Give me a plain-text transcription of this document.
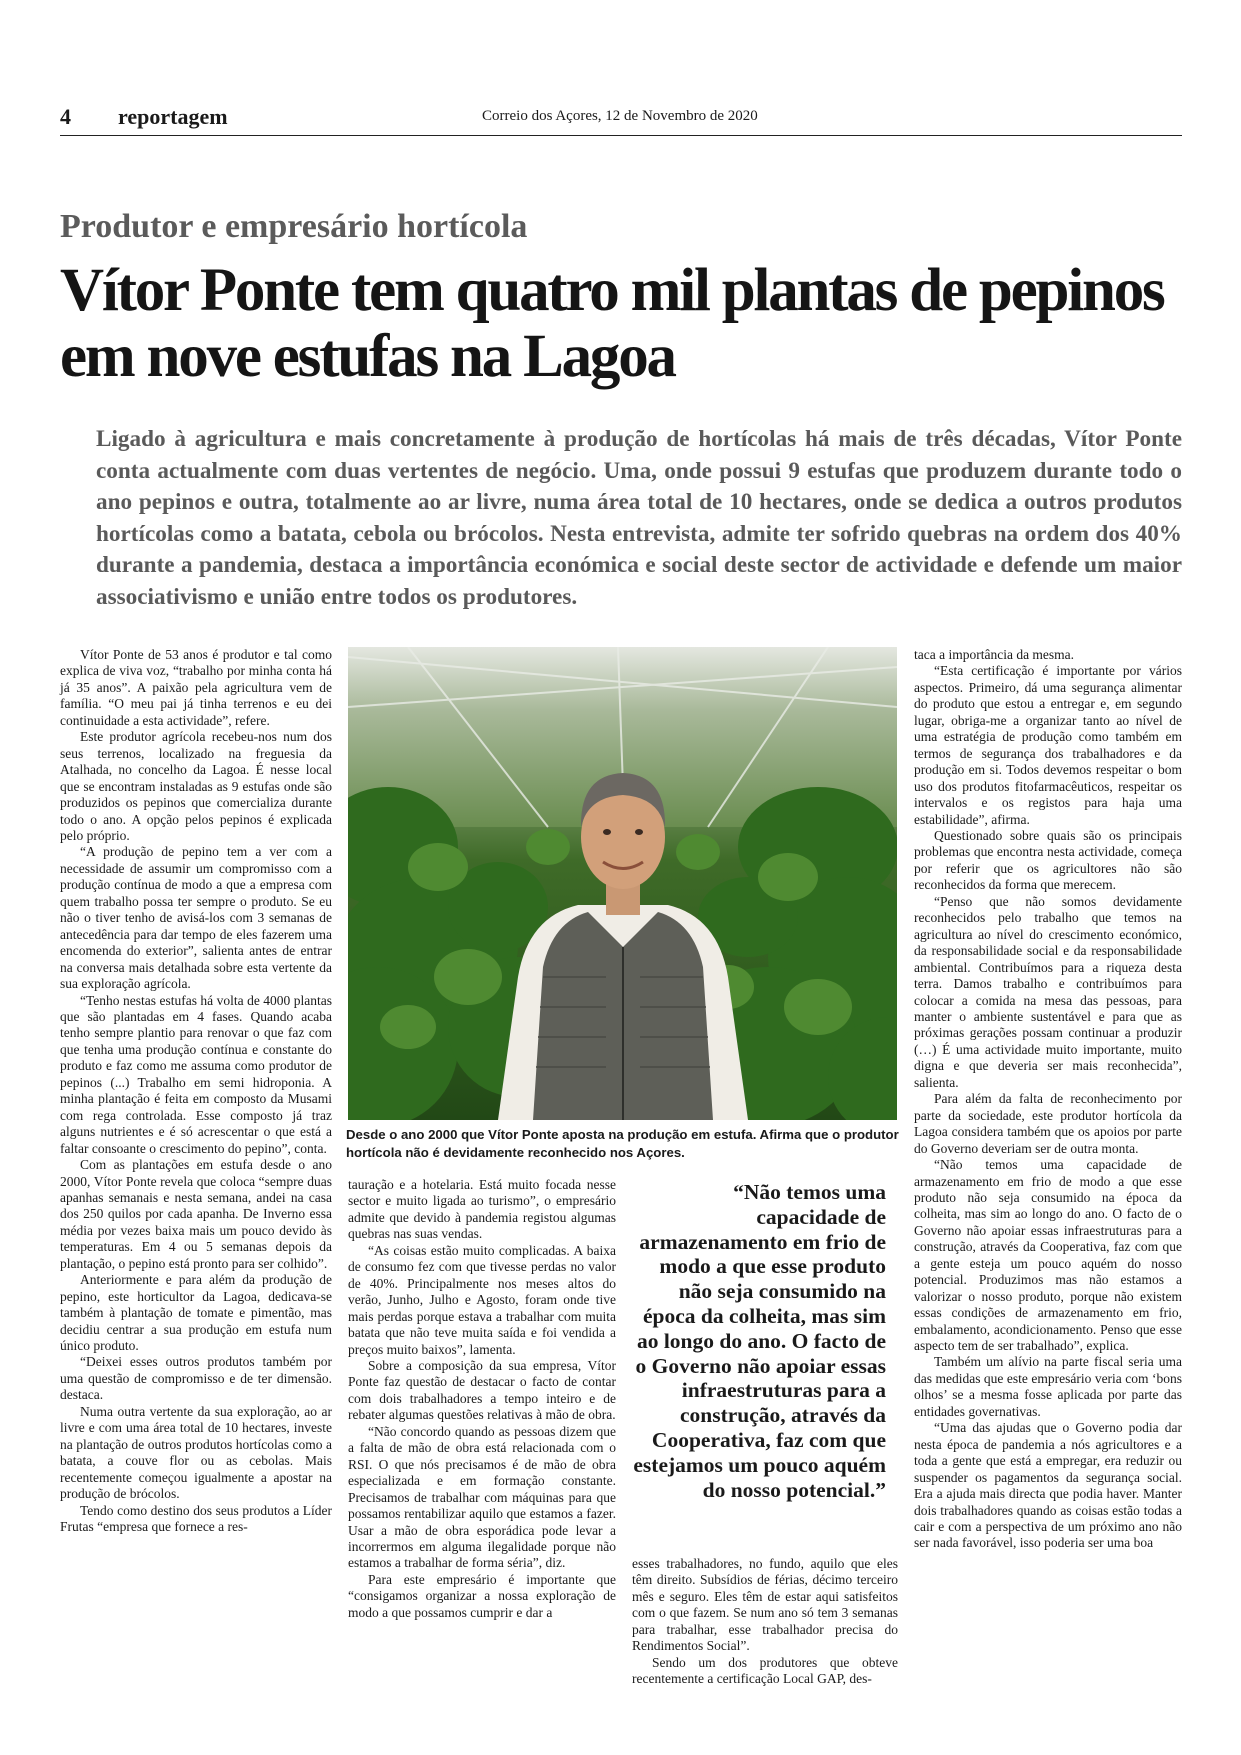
4 reportagem	Correio dos Açores, 12 de Novembro de 2020
Produtor e empresário hortícola
Vítor Ponte tem quatro mil plantas de pepinos em nove estufas na Lagoa

Ligado à agricultura e mais concretamente à produção de hortícolas há mais de três décadas, Vítor Ponte conta actualmente com duas vertentes de negócio. Uma, onde possui 9 estufas que produzem durante todo o ano pepinos e outra, totalmente ao ar livre, numa área total de 10 hectares, onde se dedica a outros produtos hortícolas como a batata, cebola ou brócolos. Nesta entrevista, admite ter sofrido quebras na ordem dos 40% durante a pandemia, destaca a importância económica e social deste sector de actividade e defende um maior associativismo e união entre todos os produtores.

Vítor Ponte de 53 anos é produtor e tal como explica de viva voz, “trabalho por minha conta há já 35 anos”. A paixão pela agricultura vem de família. “O meu pai já tinha terrenos e eu dei continuidade a esta actividade”, refere.

Este produtor agrícola recebeu-nos num dos seus terrenos, localizado na freguesia da Atalhada, no concelho da Lagoa. É nesse local que se encontram instaladas as 9 estufas onde são produzidos os pepinos que comercializa durante todo o ano. A opção pelos pepinos é explicada pelo próprio.

“A produção de pepino tem a ver com a necessidade de assumir um compromisso com a produção contínua de modo a que a empresa com quem trabalho possa ter sempre o produto. Se eu não o tiver tenho de avisá-los com 3 semanas de antecedência para dar tempo de eles fazerem uma encomenda do exterior”, salienta antes de entrar na conversa mais detalhada sobre esta vertente da sua exploração agrícola.

“Tenho nestas estufas há volta de 4000 plantas que são plantadas em 4 fases. Quando acaba tenho sempre plantio para renovar o que faz com que tenha uma produção contínua e constante do produto e faz como me assuma como produtor de pepinos (...) Trabalho em semi hidroponia. A minha plantação é feita em composto da Musami com rega controlada. Esse composto já traz alguns nutrientes e é só acrescentar o que está a faltar consoante o crescimento do pepino”, conta.

Com as plantações em estufa desde o ano 2000, Vítor Ponte revela que coloca “sempre duas apanhas semanais e nesta semana, andei na casa dos 250 quilos por cada apanha. De Inverno essa média por vezes baixa mais um pouco devido às temperaturas. Em 4 ou 5 semanas depois da plantação, o pepino está pronto para ser colhido”.

Anteriormente e para além da produção de pepino, este horticultor da Lagoa, dedicava-se também à plantação de tomate e pimentão, mas decidiu centrar a sua produção em estufa num único produto.

“Deixei esses outros produtos também por uma questão de compromisso e de ter dimensão. destaca.

Numa outra vertente da sua exploração, ao ar livre e com uma área total de 10 hectares, investe na plantação de outros produtos hortícolas como a batata, a couve flor ou as cebolas. Mais recentemente começou igualmente a apostar na produção de brócolos.

Tendo como destino dos seus produtos a Líder Frutas “empresa que fornece a res-

Desde o ano 2000 que Vítor Ponte aposta na produção em estufa. Afirma que o produtor hortícola não é devidamente reconhecido nos Açores.

tauração e a hotelaria. Está muito focada nesse sector e muito ligada ao turismo”, o empresário admite que devido à pandemia registou algumas quebras nas suas vendas.

“As coisas estão muito complicadas. A baixa de consumo fez com que tivesse perdas no valor de 40%. Principalmente nos meses altos do verão, Junho, Julho e Agosto, foram onde tive mais perdas porque estava a trabalhar com muita batata que não teve muita saída e foi vendida a preços muito baixos”, lamenta.

Sobre a composição da sua empresa, Vítor Ponte faz questão de destacar o facto de contar com dois trabalhadores a tempo inteiro e de rebater algumas questões relativas à mão de obra.

“Não concordo quando as pessoas dizem que a falta de mão de obra está relacionada com o RSI. O que nós precisamos é de mão de obra especializada e em formação constante. Precisamos de trabalhar com máquinas para que possamos rentabilizar aquilo que estamos a fazer. Usar a mão de obra esporádica pode levar a incorrermos em alguma ilegalidade porque não estamos a trabalhar de forma séria”, diz.

Para este empresário é importante que “consigamos organizar a nossa exploração de modo a que possamos cumprir e dar a

“Não temos uma capacidade de armazenamento em frio de modo a que esse produto não seja consumido na época da colheita, mas sim ao longo do ano. O facto de o Governo não apoiar essas infraestruturas para a construção, através da Cooperativa, faz com que estejamos um pouco aquém do nosso potencial.”

esses trabalhadores, no fundo, aquilo que eles têm direito. Subsídios de férias, décimo terceiro mês e seguro. Eles têm de estar aqui satisfeitos com o que fazem. Se num ano só tem 3 semanas para trabalhar, esse trabalhador precisa do Rendimentos Social”.

Sendo um dos produtores que obteve recentemente a certificação Local GAP, des-

taca a importância da mesma.

“Esta certificação é importante por vários aspectos. Primeiro, dá uma segurança alimentar do produto que estou a entregar e, em segundo lugar, obriga-me a organizar tanto ao nível de uma estratégia de produção como também em termos de segurança dos trabalhadores e da produção em si. Todos devemos respeitar o bom uso dos produtos fitofarmacêuticos, respeitar os intervalos e os registos para haja uma estabilidade”, afirma.

Questionado sobre quais são os principais problemas que encontra nesta actividade, começa por referir que os agricultores não são reconhecidos da forma que merecem.

“Penso que não somos devidamente reconhecidos pelo trabalho que temos na agricultura ao nível do crescimento económico, da responsabilidade social e da responsabilidade ambiental. Contribuímos para a riqueza desta terra. Damos trabalho e contribuímos para colocar a comida na mesa das pessoas, para manter o ambiente sustentável e para que as próximas gerações possam continuar a produzir (…) É uma actividade muito importante, muito digna e que deveria ser mais reconhecida”, salienta.

Para além da falta de reconhecimento por parte da sociedade, este produtor hortícola da Lagoa considera também que os apoios por parte do Governo deveriam ser de outra monta.

“Não temos uma capacidade de armazenamento em frio de modo a que esse produto não seja consumido na época da colheita, mas sim ao longo do ano. O facto de o Governo não apoiar essas infraestruturas para a construção, através da Cooperativa, faz com que a gente esteja um pouco aquém do nosso potencial. Produzimos mas não estamos a valorizar o nosso produto, porque não existem essas condições de armazenamento em frio, embalamento, acondicionamento. Penso que esse aspecto tem de ser trabalhado”, explica.

Também um alívio na parte fiscal seria uma das medidas que este empresário veria com ‘bons olhos’ se a mesma fosse aplicada por parte das entidades governativas.

“Uma das ajudas que o Governo podia dar nesta época de pandemia a nós agricultores e a toda a gente que está a empregar, era reduzir ou suspender os pagamentos da segurança social. Era a ajuda mais directa que podia haver. Manter dois trabalhadores quando as coisas estão todas a cair e com a perspectiva de um próximo ano não ser nada favorável, isso poderia ser uma boa
